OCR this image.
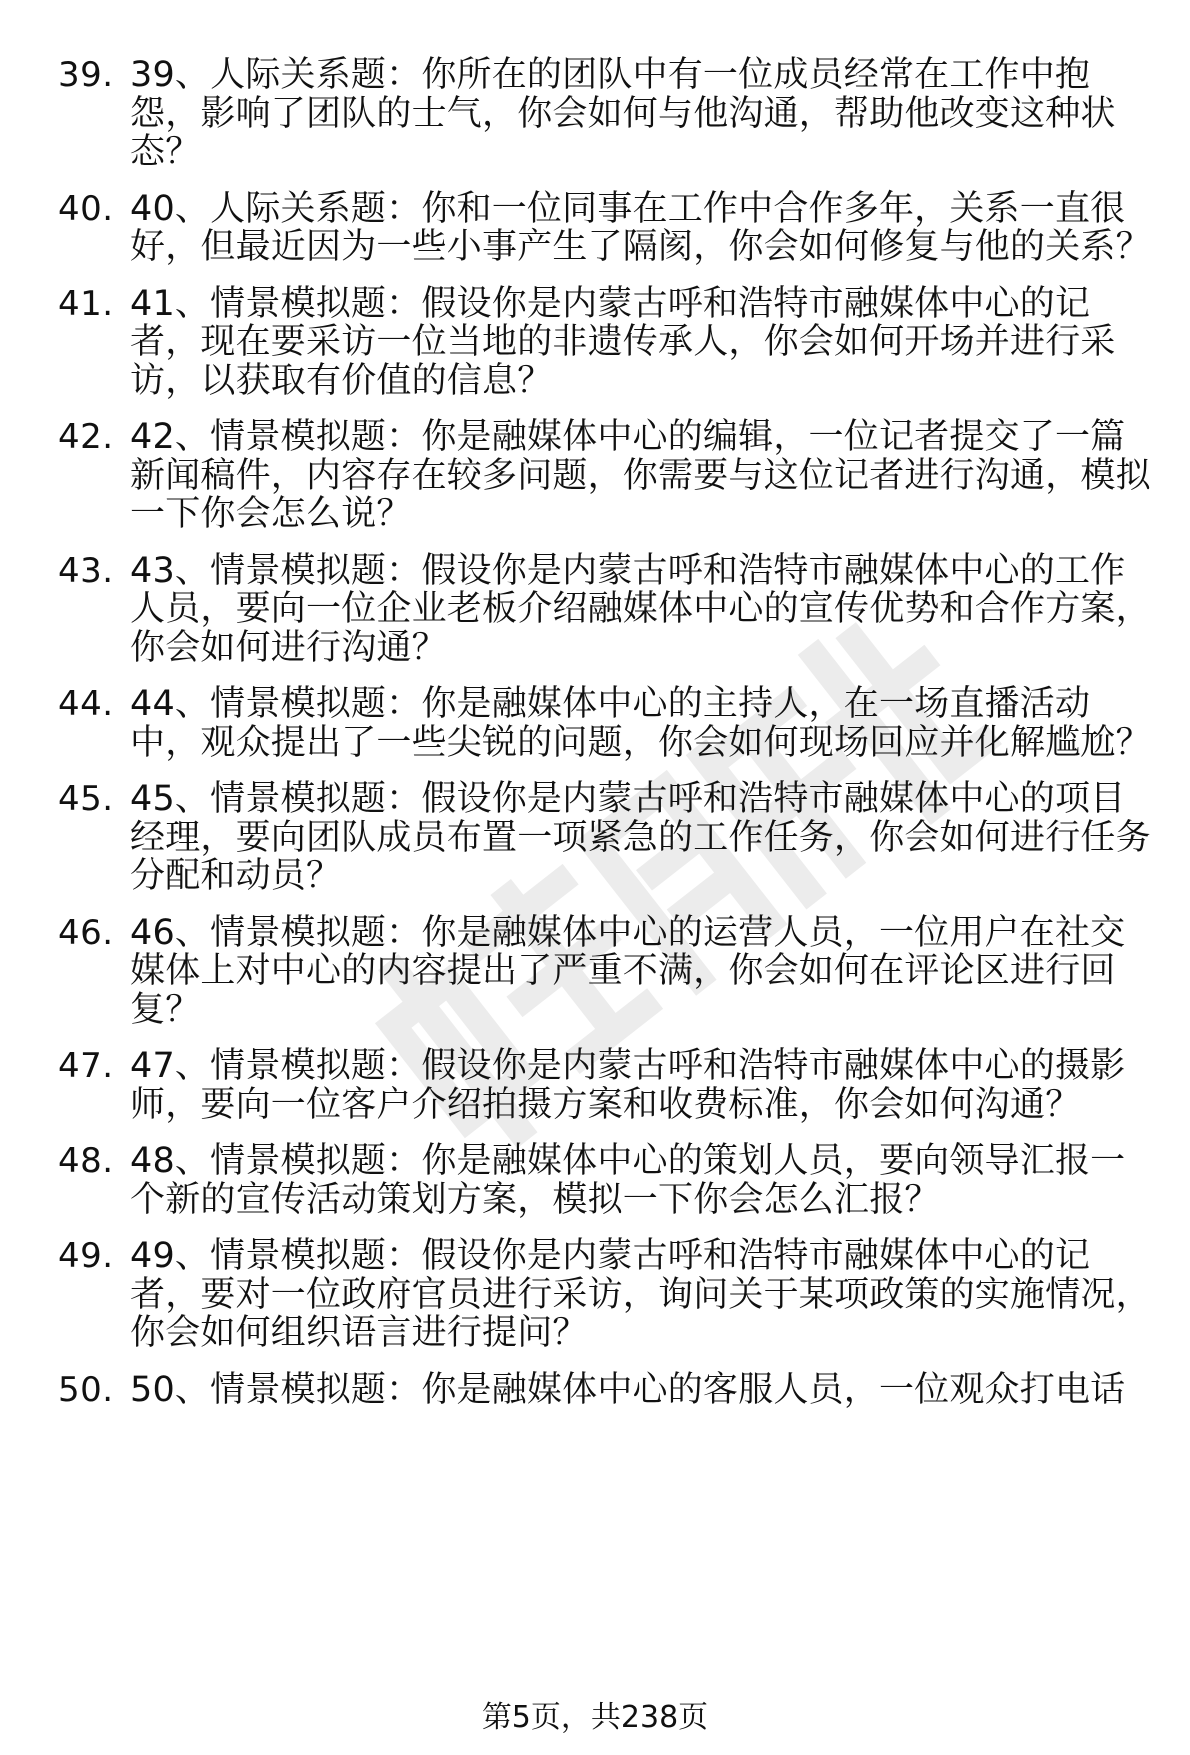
39. 39、人际关系题：你所在的团队中有一位成员经常在工作中抱怨，影响了团队的士气，你会如何与他沟通，帮助他改变这种状态？
40. 40、人际关系题：你和一位同事在工作中合作多年，关系一直很好，但最近因为一些小事产生了隔阂，你会如何修复与他的关系？
41. 41、情景模拟题：假设你是内蒙古呼和浩特市融媒体中心的记者，现在要采访一位当地的非遗传承人，你会如何开场并进行采访，以获取有价值的信息？
42. 42、情景模拟题：你是融媒体中心的编辑，一位记者提交了一篇新闻稿件，内容存在较多问题，你需要与这位记者进行沟通，模拟一下你会怎么说？
43. 43、情景模拟题：假设你是内蒙古呼和浩特市融媒体中心的工作人员，要向一位企业老板介绍融媒体中心的宣传优势和合作方案，你会如何进行沟通？
44. 44、情景模拟题：你是融媒体中心的主持人，在一场直播活动中，观众提出了一些尖锐的问题，你会如何现场回应并化解尴尬？
45. 45、情景模拟题：假设你是内蒙古呼和浩特市融媒体中心的项目经理，要向团队成员布置一项紧急的工作任务，你会如何进行任务分配和动员？
46. 46、情景模拟题：你是融媒体中心的运营人员，一位用户在社交媒体上对中心的内容提出了严重不满，你会如何在评论区进行回复？
47. 47、情景模拟题：假设你是内蒙古呼和浩特市融媒体中心的摄影师，要向一位客户介绍拍摄方案和收费标准，你会如何沟通？
48. 48、情景模拟题：你是融媒体中心的策划人员，要向领导汇报一个新的宣传活动策划方案，模拟一下你会怎么汇报？
49. 49、情景模拟题：假设你是内蒙古呼和浩特市融媒体中心的记者，要对一位政府官员进行采访，询问关于某项政策的实施情况，你会如何组织语言进行提问？
50. 50、情景模拟题：你是融媒体中心的客服人员，一位观众打电话
第5页，共238页
